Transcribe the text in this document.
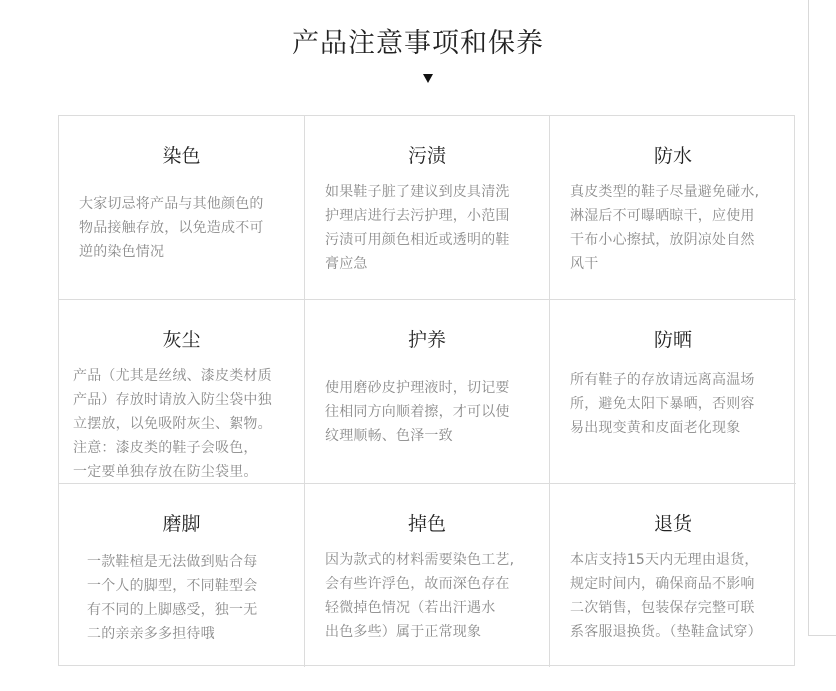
产品注意事项和保养
染色
大家切忌将产品与其他颜色的
物品接触存放，以免造成不可
逆的染色情况
污渍
如果鞋子脏了建议到皮具清洗
护理店进行去污护理，小范围
污渍可用颜色相近或透明的鞋
膏应急
防水
真皮类型的鞋子尽量避免碰水,
淋湿后不可曝晒晾干，应使用
干布小心擦拭，放阴凉处自然
风干
灰尘
产品（尤其是丝绒、漆皮类材质
产品）存放时请放入防尘袋中独
立摆放，以免吸附灰尘、絮物。
注意：漆皮类的鞋子会吸色，
一定要单独存放在防尘袋里。
护养
使用磨砂皮护理液时，切记要
往相同方向顺着擦，才可以使
纹理顺畅、色泽一致
防晒
所有鞋子的存放请远离高温场
所，避免太阳下暴晒，否则容
易出现变黄和皮面老化现象
磨脚
一款鞋楦是无法做到贴合每
一个人的脚型，不同鞋型会
有不同的上脚感受，独一无
二的亲亲多多担待哦
掉色
因为款式的材料需要染色工艺,
会有些许浮色，故而深色存在
轻微掉色情况（若出汗遇水
出色多些）属于正常现象
退货
本店支持15天内无理由退货，
规定时间内，确保商品不影响
二次销售，包装保存完整可联
系客服退换货。（垫鞋盒试穿）
